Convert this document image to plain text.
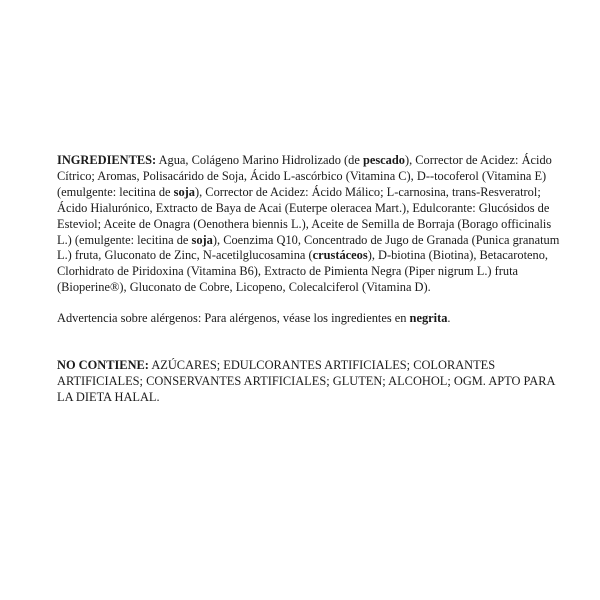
INGREDIENTES: Agua, Colágeno Marino Hidrolizado (de pescado), Corrector de Acidez: Ácido Cítrico; Aromas, Polisacárido de Soja, Ácido L-ascórbico (Vitamina C), D--tocoferol (Vitamina E) (emulgente: lecitina de soja), Corrector de Acidez: Ácido Málico; L-carnosina, trans-Resveratrol; Ácido Hialurónico, Extracto de Baya de Acai (Euterpe oleracea Mart.), Edulcorante: Glucósidos de Esteviol; Aceite de Onagra (Oenothera biennis L.), Aceite de Semilla de Borraja (Borago officinalis L.) (emulgente: lecitina de soja), Coenzima Q10, Concentrado de Jugo de Granada (Punica granatum L.) fruta, Gluconato de Zinc, N-acetilglucosamina (crustáceos), D-biotina (Biotina), Betacaroteno, Clorhidrato de Piridoxina (Vitamina B6), Extracto de Pimienta Negra (Piper nigrum L.) fruta (Bioperine®), Gluconato de Cobre, Licopeno, Colecalciferol (Vitamina D).

Advertencia sobre alérgenos: Para alérgenos, véase los ingredientes en negrita.

NO CONTIENE: AZÚCARES; EDULCORANTES ARTIFICIALES; COLORANTES ARTIFICIALES; CONSERVANTES ARTIFICIALES; GLUTEN; ALCOHOL; OGM. APTO PARA LA DIETA HALAL.
